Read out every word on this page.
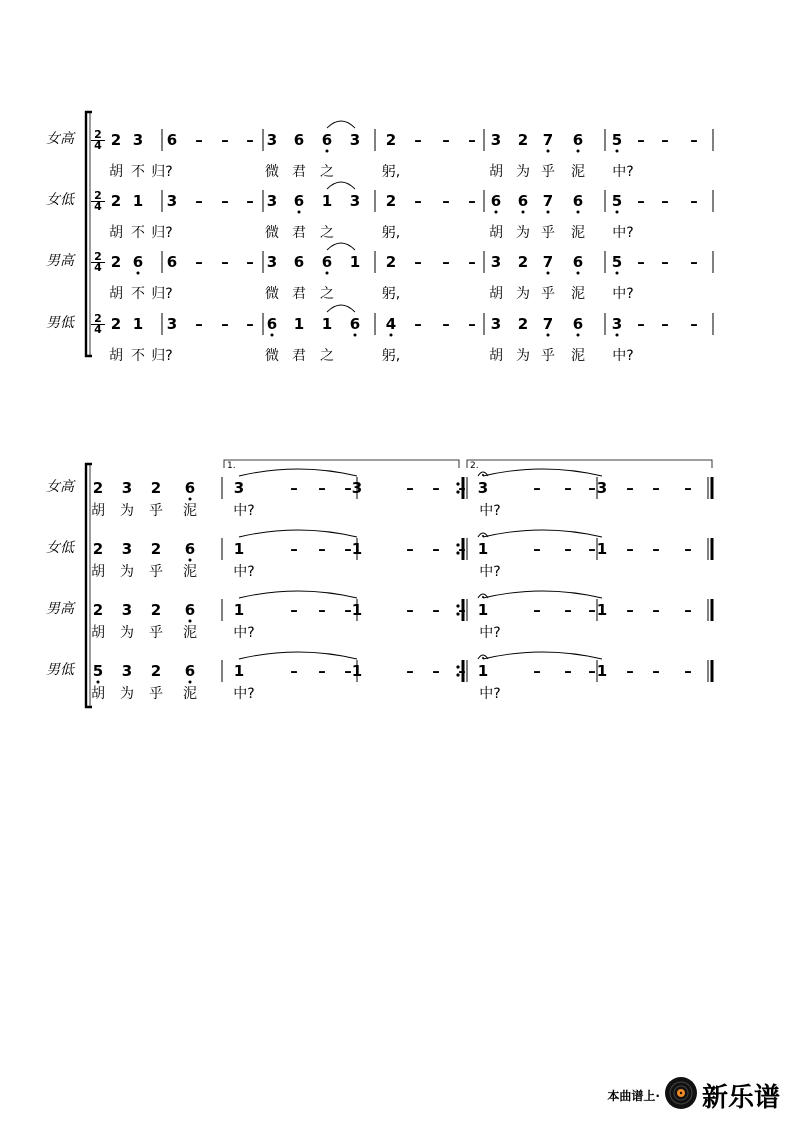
女高 $\frac{2}{4} 2$ 3 6	–	–	– 3 6 6 3 2	–	–	–	3 2 7 6 5	–	–	–
胡 不 归?	微 君	之	躬,	胡 为 乎	泥	中?
女低 $\frac{2}{4} 2$ 1 3	–	–	– 3 6 1 3 2	–	–	–	6 6 7 6 5	–	–	–
胡 不 归?	微 君	之	躬,	胡 为 乎	泥	中?
男高 $\frac{2}{4} 2$ 6 6	–	–	– 3 6 6 1 2	–	–	–	3 2 7 6 5	–	–	–
胡 不 归?	微 君	之	躬,	胡 为 乎	泥	中?
男低 $\frac{2}{4} 2$ 1 3	–	–	– 6 1 1 6 4	–	–	–	3 2 7 6 3	–	–	–
胡 不 归?	微 君	之	躬,	胡 为 乎	泥	中?
1.	2.
女高 2 3 2 6	3	–	–	– 3	–	–	– 3	–	–	– 3	–	–	–
胡	为	乎	泥	中?	中?
女低 2 3 2 6	1	–	–	– 1	–	–	– 1	–	–	– 1	–	–	–
胡	为	乎	泥	中?	中?
男高 2 3 2 6	1	–	–	– 1	–	–	– 1	–	–	– 1	–	–	–
胡	为	乎	泥	中?	中?
男低 5 3 2 6	1	–	–	– 1	–	–	– 1	–	–	– 1	–	–	–
胡	为	乎	泥	中?	中?
本曲谱上· 新乐谱
